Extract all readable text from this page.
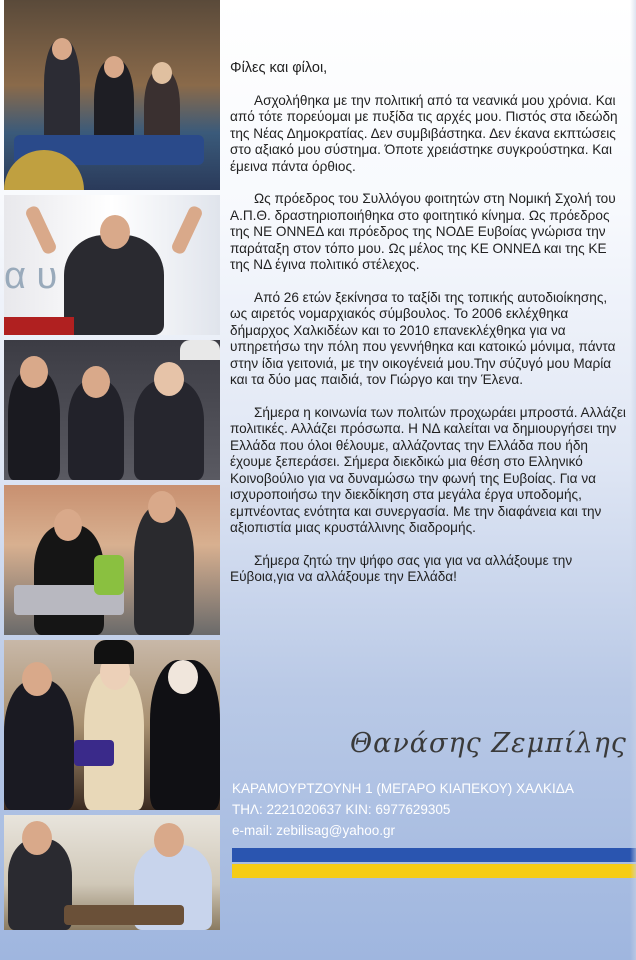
α υ

Φίλες και φίλοι,

Ασχολήθηκα με την πολιτική από τα νεανικά μου χρόνια. Και από τότε πορεύομαι με πυξίδα τις αρχές μου. Πιστός στα ιδεώδη της Νέας Δημοκρατίας. Δεν συμβιβάστηκα. Δεν έκανα εκπτώσεις στο αξιακό μου σύστημα. Όποτε χρειάστηκε συγκρούστηκα. Και έμεινα πάντα όρθιος.

Ως πρόεδρος του Συλλόγου φοιτητών στη Νομική Σχολή του Α.Π.Θ. δραστηριοποιήθηκα στο φοιτητικό κίνημα. Ως πρόεδρος της ΝΕ ΟΝΝΕΔ και πρόεδρος της ΝΟΔΕ Ευβοίας γνώρισα την παράταξη στον τόπο μου. Ως μέλος της ΚΕ ΟΝΝΕΔ και της ΚΕ της ΝΔ έγινα πολιτικό στέλεχος.

Από 26 ετών ξεκίνησα το ταξίδι της τοπικής αυτοδιοίκησης, ως αιρετός νομαρχιακός σύμβουλος. Το 2006 εκλέχθηκα δήμαρχος Χαλκιδέων και το 2010 επανεκλέχθηκα για να υπηρετήσω την πόλη που γεννήθηκα και κατοικώ μόνιμα, πάντα στην ίδια γειτονιά, με την οικογένειά μου.Την σύζυγό μου Μαρία και τα δύο μας παιδιά, τον Γιώργο και την Έλενα.

Σήμερα η κοινωνία των πολιτών προχωράει μπροστά. Αλλάζει πολιτικές. Αλλάζει πρόσωπα. Η ΝΔ καλείται να δημιουργήσει την Ελλάδα που όλοι θέλουμε, αλλάζοντας την Ελλάδα που ήδη έχουμε ξεπεράσει. Σήμερα διεκδικώ μια θέση στο Ελληνικό Κοινοβούλιο για να δυναμώσω την φωνή της Ευβοίας. Για να ισχυροποιήσω την διεκδίκηση στα μεγάλα έργα υποδομής, εμπνέοντας ενότητα και συνεργασία. Με την διαφάνεια και την αξιοπιστία μιας κρυστάλλινης διαδρομής.

Σήμερα ζητώ την ψήφο σας για για να αλλάξουμε την Εύβοια,για να αλλάξουμε την Ελλάδα!

Θανάσης Ζεμπίλης
ΚΑΡΑΜΟΥΡΤΖΟΥΝΗ 1 (ΜΕΓΑΡΟ ΚΙΑΠΕΚΟΥ) ΧΑΛΚΙΔΑ
ΤΗΛ: 2221020637 ΚΙΝ: 6977629305
e-mail: zebilisag@yahoo.gr
